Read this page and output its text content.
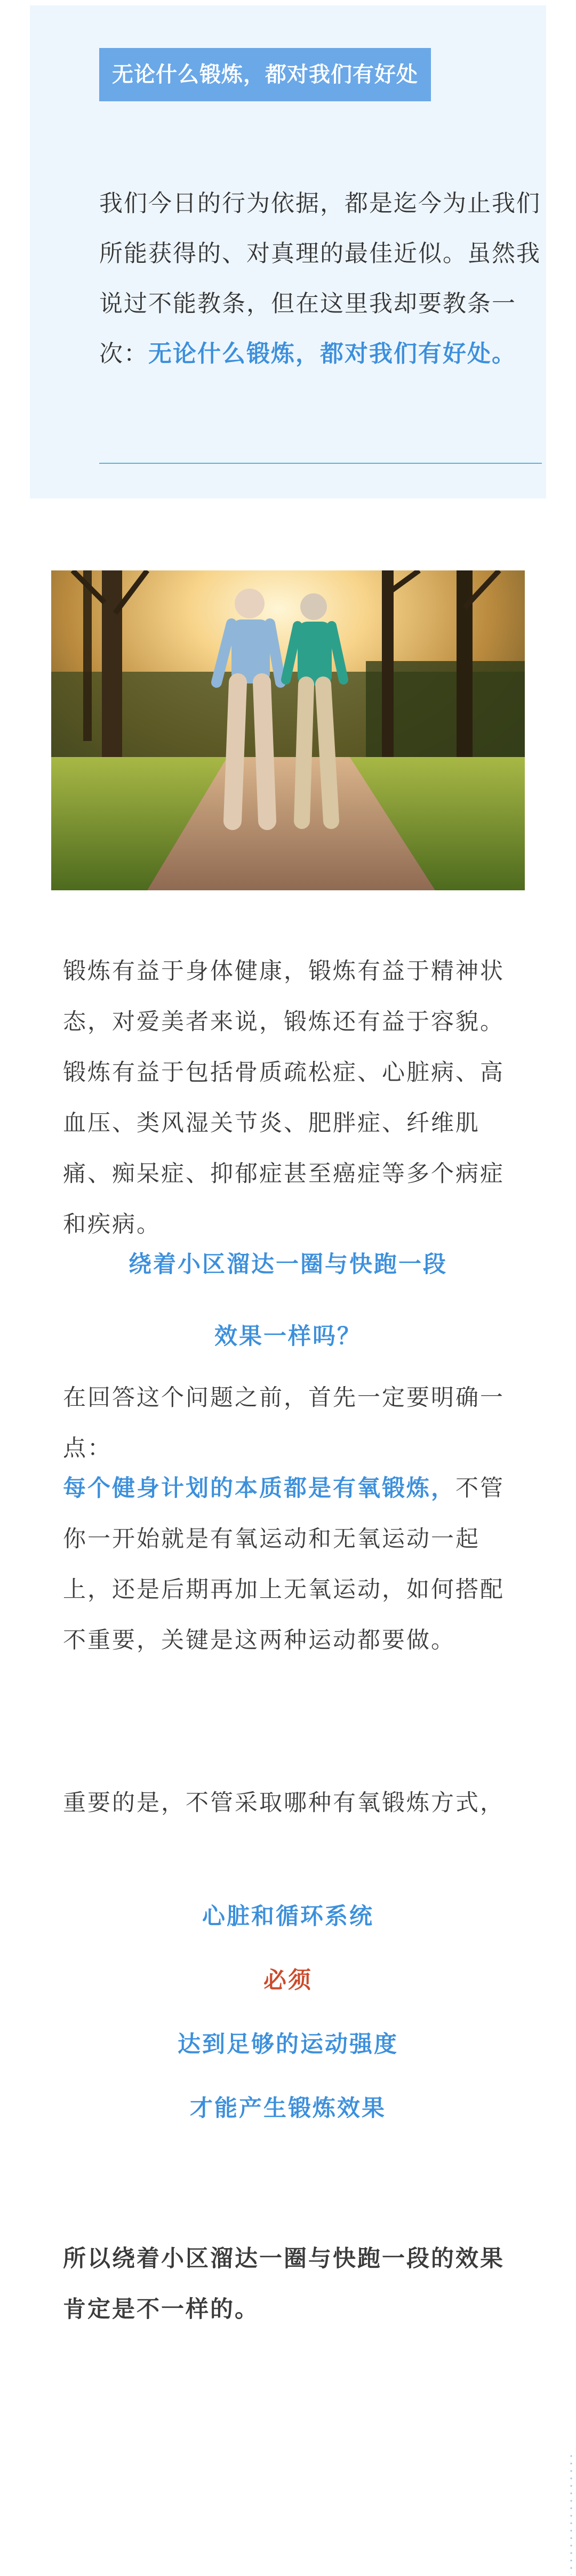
无论什么锻炼，都对我们有好处
我们今日的行为依据，都是迄今为止我们所能获得的、对真理的最佳近似。虽然我说过不能教条，但在这里我却要教条一次：无论什么锻炼，都对我们有好处。
锻炼有益于身体健康，锻炼有益于精神状态，对爱美者来说，锻炼还有益于容貌。锻炼有益于包括骨质疏松症、心脏病、高血压、类风湿关节炎、肥胖症、纤维肌痛、痴呆症、抑郁症甚至癌症等多个病症和疾病。
绕着小区溜达一圈与快跑一段
效果一样吗？
在回答这个问题之前，首先一定要明确一点：
每个健身计划的本质都是有氧锻炼，不管你一开始就是有氧运动和无氧运动一起上，还是后期再加上无氧运动，如何搭配不重要，关键是这两种运动都要做。
重要的是，不管采取哪种有氧锻炼方式，
心脏和循环系统
必须
达到足够的运动强度
才能产生锻炼效果
所以绕着小区溜达一圈与快跑一段的效果肯定是不一样的。
